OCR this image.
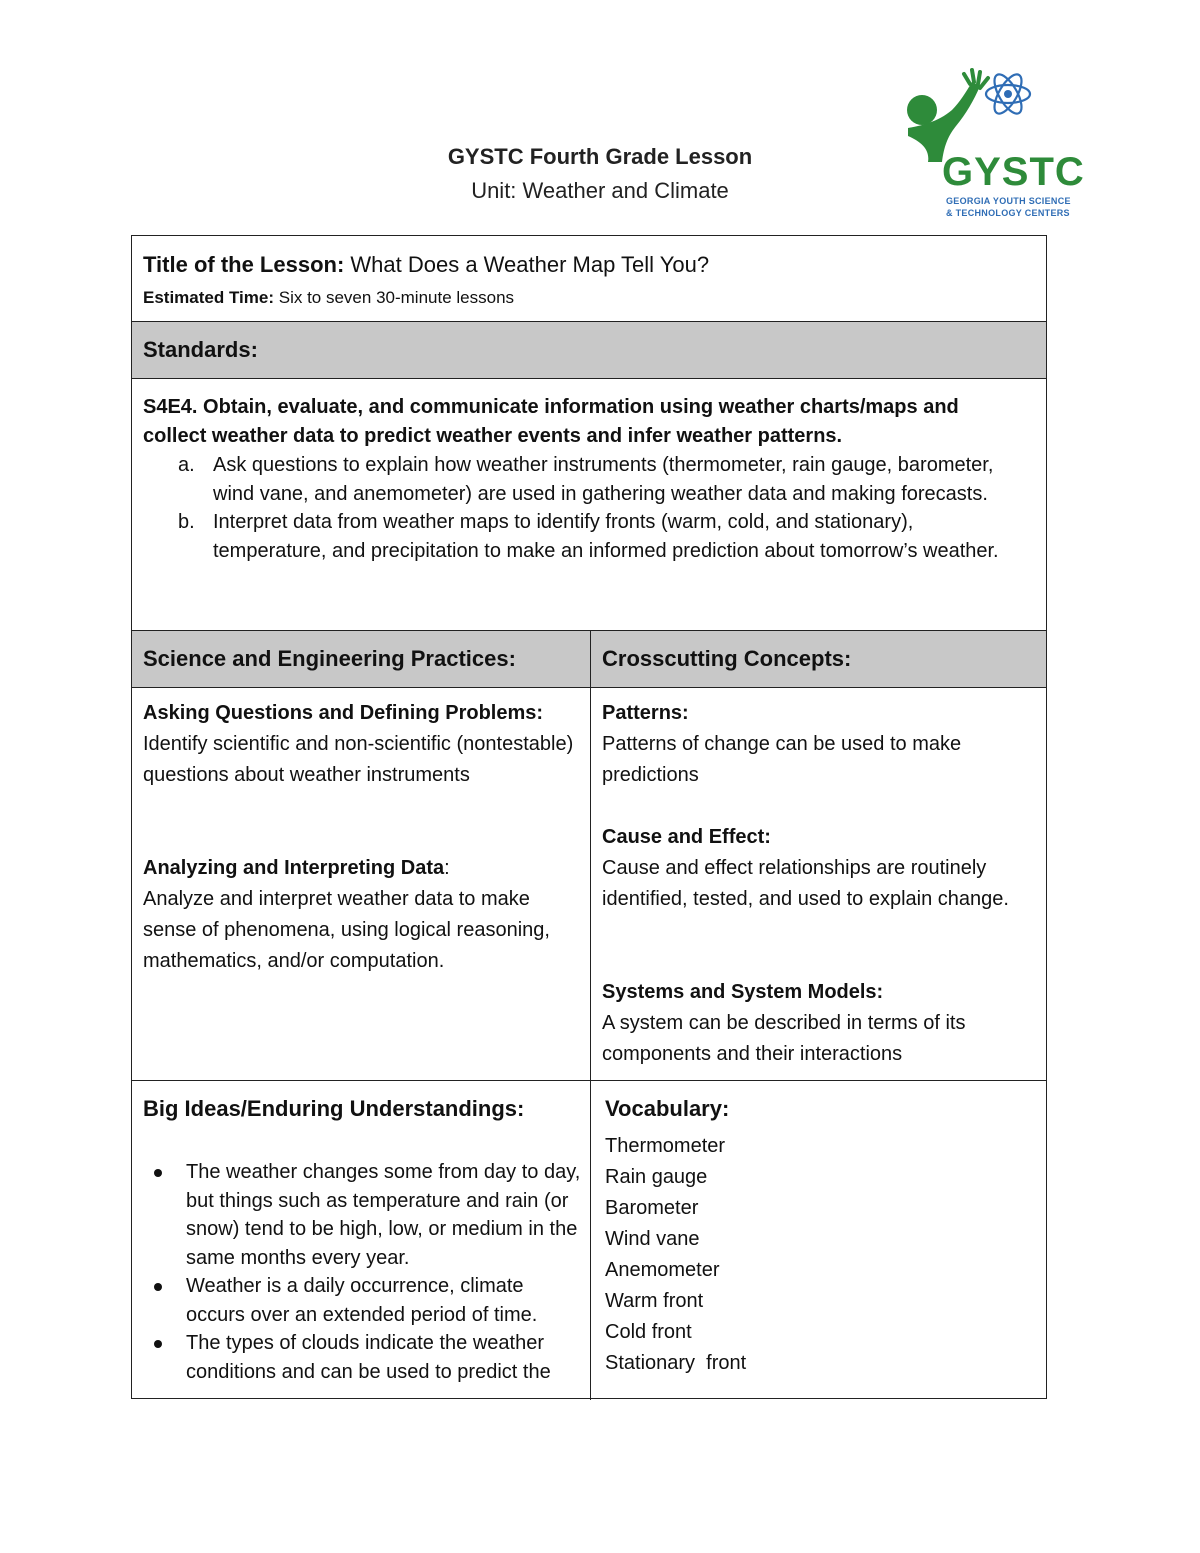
GYSTC Fourth Grade Lesson
Unit: Weather and Climate	GYSTC
GEORGIA YOUTH SCIENCE
& TECHNOLOGY CENTERS
Title of the Lesson: What Does a Weather Map Tell You?
Estimated Time: Six to seven 30-minute lessons
Standards:
S4E4. Obtain, evaluate, and communicate information using weather charts/maps and collect weather data to predict weather events and infer weather patterns.
a. Ask questions to explain how weather instruments (thermometer, rain gauge, barometer, wind vane, and anemometer) are used in gathering weather data and making forecasts.
b. Interpret data from weather maps to identify fronts (warm, cold, and stationary), temperature, and precipitation to make an informed prediction about tomorrow’s weather.
Science and Engineering Practices:	Crosscutting Concepts:
Asking Questions and Defining Problems:
Identify scientific and non-scientific (nontestable) questions about weather instruments
Analyzing and Interpreting Data:
Analyze and interpret weather data to make sense of phenomena, using logical reasoning, mathematics, and/or computation.
Patterns:
Patterns of change can be used to make predictions
Cause and Effect:
Cause and effect relationships are routinely identified, tested, and used to explain change.
Systems and System Models:
A system can be described in terms of its components and their interactions
Big Ideas/Enduring Understandings:
The weather changes some from day to day, but things such as temperature and rain (or snow) tend to be high, low, or medium in the same months every year.
Weather is a daily occurrence, climate occurs over an extended period of time.
The types of clouds indicate the weather conditions and can be used to predict the
Vocabulary:
Thermometer
Rain gauge
Barometer
Wind vane
Anemometer
Warm front
Cold front
Stationary  front
